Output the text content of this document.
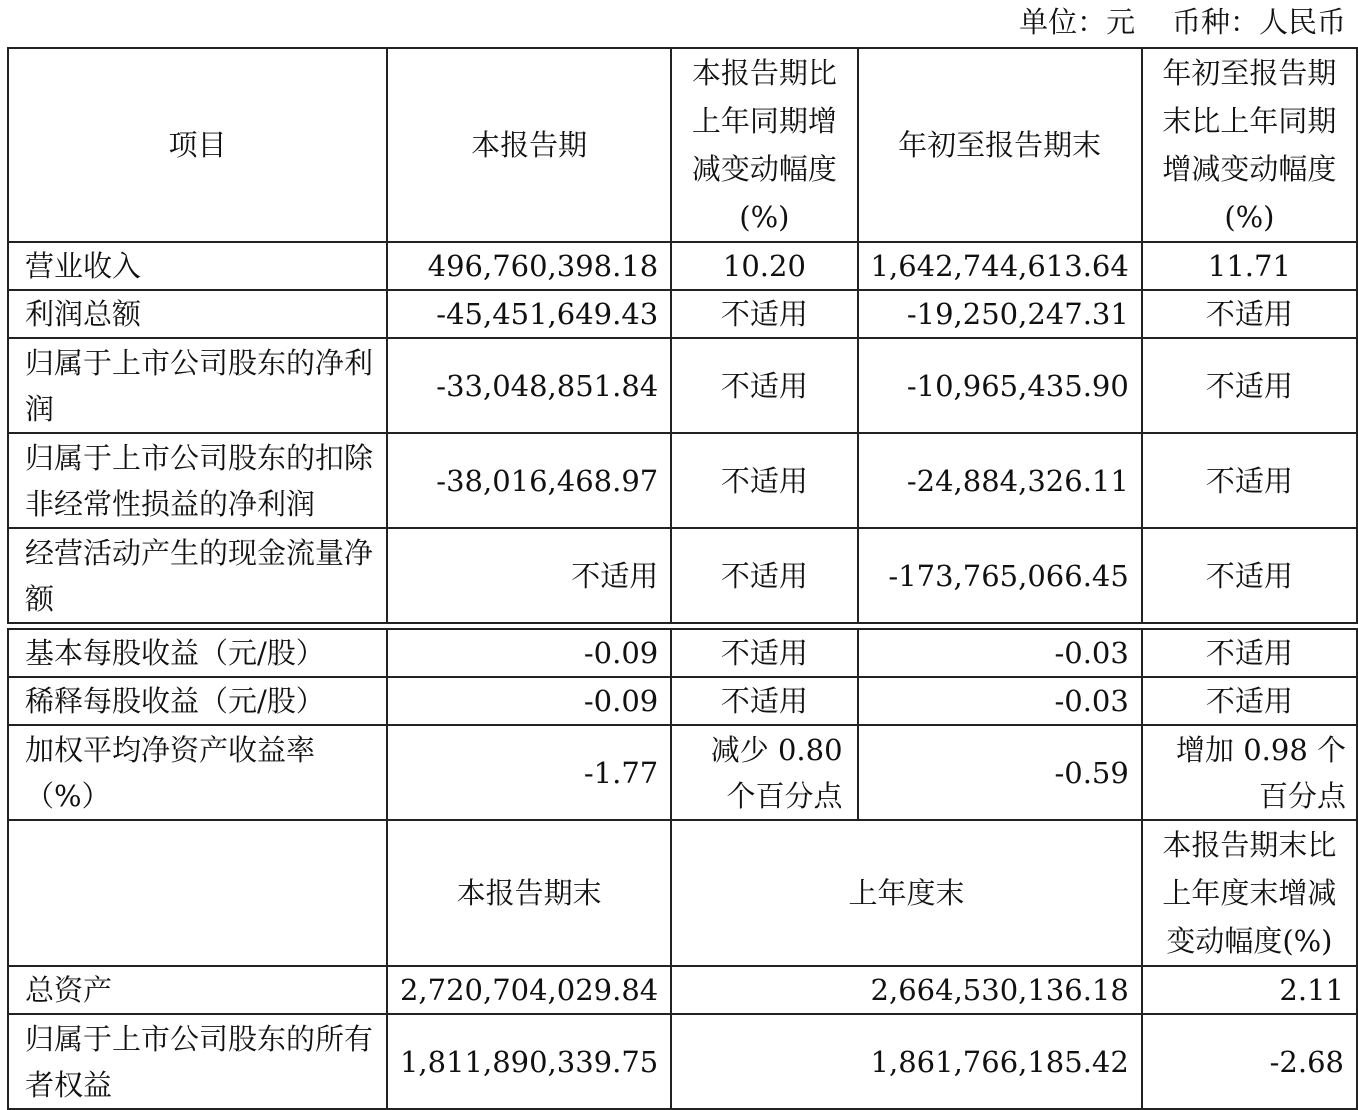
单位：元    币种：人民币
项目	本报告期	本报告期比上年同期增减变动幅度(%)	年初至报告期末	年初至报告期末比上年同期增减变动幅度(%)
营业收入	496,760,398.18	10.20	1,642,744,613.64	11.71
利润总额	-45,451,649.43	不适用	-19,250,247.31	不适用
归属于上市公司股东的净利润	-33,048,851.84	不适用	-10,965,435.90	不适用
归属于上市公司股东的扣除非经常性损益的净利润	-38,016,468.97	不适用	-24,884,326.11	不适用
经营活动产生的现金流量净额	不适用	不适用	-173,765,066.45	不适用

基本每股收益（元/股）	-0.09	不适用	-0.03	不适用
稀释每股收益（元/股）	-0.09	不适用	-0.03	不适用
加权平均净资产收益率（%）	-1.77	减少 0.80 个百分点	-0.59	增加 0.98 个百分点
	本报告期末	上年度末		本报告期末比上年度末增减变动幅度(%)
总资产	2,720,704,029.84	2,664,530,136.18		2.11
归属于上市公司股东的所有者权益	1,811,890,339.75	1,861,766,185.42		-2.68
